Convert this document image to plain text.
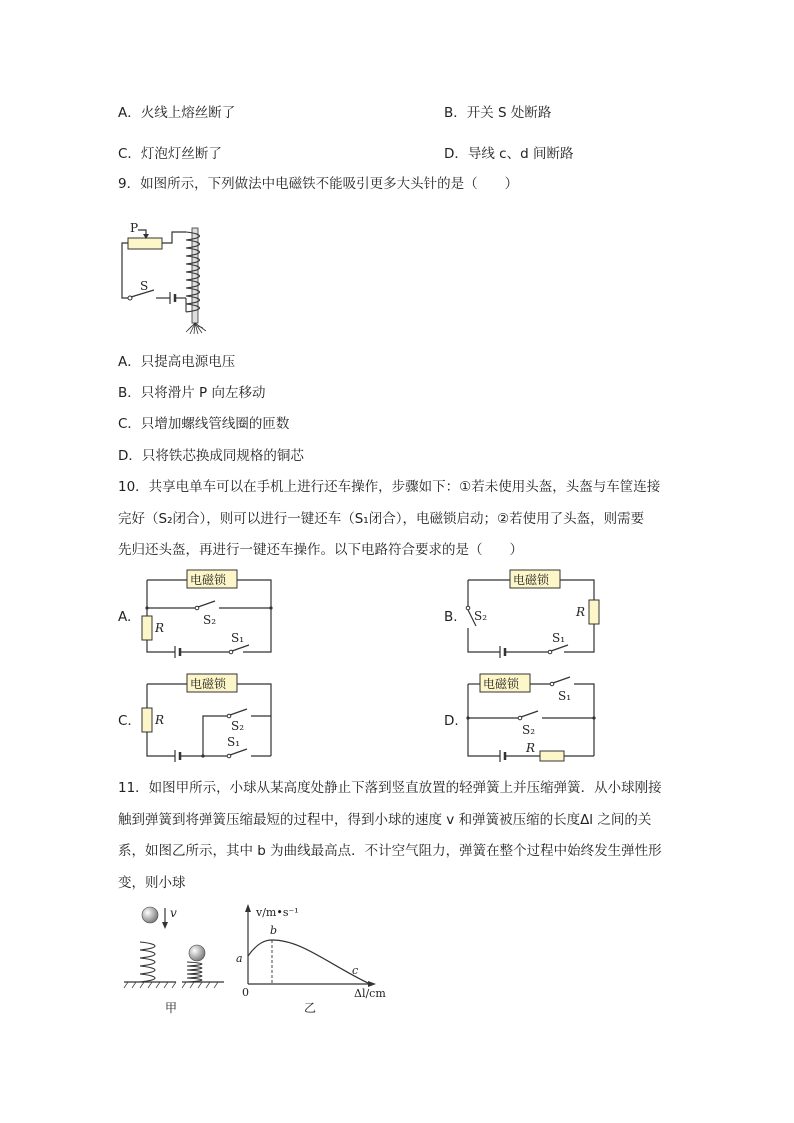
A．火线上熔丝断了	B．开关 S 处断路
C．灯泡灯丝断了	D．导线 c、d 间断路
9．如图所示，下列做法中电磁铁不能吸引更多大头针的是（　　）
P
S
A．只提高电源电压
B．只将滑片 P 向左移动
C．只增加螺线管线圈的匝数
D．只将铁芯换成同规格的铜芯
10．共享电单车可以在手机上进行还车操作，步骤如下：①若未使用头盔，头盔与车筐连接
完好（S₂闭合），则可以进行一键还车（S₁闭合），电磁锁启动；②若使用了头盔，则需要
先归还头盔，再进行一键还车操作。以下电路符合要求的是（　　）
A.
电磁锁
R
S₁
S₂	B.
电磁锁
R
S₂
S₁
C.
电磁锁
R	S₂
S₁
D.
电磁锁
S₁
S₂
R
11．如图甲所示，小球从某高度处静止下落到竖直放置的轻弹簧上并压缩弹簧．从小球刚接
触到弹簧到将弹簧压缩最短的过程中，得到小球的速度 v 和弹簧被压缩的长度Δl 之间的关
系，如图乙所示，其中 b 为曲线最高点．不计空气阻力，弹簧在整个过程中始终发生弹性形
变，则小球
v
甲
v/m•s⁻¹
Δl/cm
0
a
b
c
乙
